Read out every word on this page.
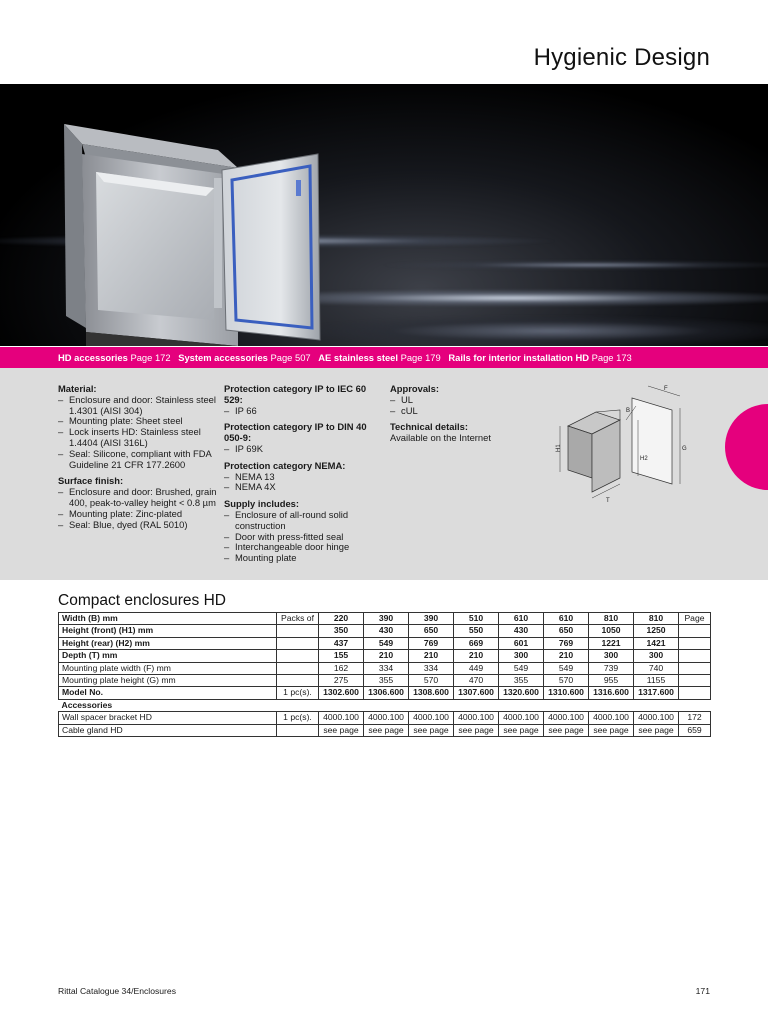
Hygienic Design
HD accessories Page 172 System accessories Page 507 AE stainless steel Page 179 Rails for interior installation HD Page 173
Material:
– Enclosure and door: Stainless steel 1.4301 (AISI 304)
– Mounting plate: Sheet steel
– Lock inserts HD: Stainless steel 1.4404 (AISI 316L)
– Seal: Silicone, compliant with FDA Guideline 21 CFR 177.2600
Surface finish:
– Enclosure and door: Brushed, grain 400, peak-to-valley height < 0.8 µm
– Mounting plate: Zinc-plated
– Seal: Blue, dyed (RAL 5010)
Protection category IP to IEC 60 529:
– IP 66
Protection category IP to DIN 40 050-9:
– IP 69K
Protection category NEMA:
– NEMA 13
– NEMA 4X
Supply includes:
– Enclosure of all-round solid construction
– Door with press-fitted seal
– Interchangeable door hinge
– Mounting plate
Approvals:
– UL
– cUL
Technical details:

Available on the Internet

H1
F
G
H2
B
T
Compact enclosures HD
Width (B) mm	Packs of	220	390	390	510	610	610	810	810	Page
Height (front) (H1) mm		350	430	650	550	430	650	1050	1250	
Height (rear) (H2) mm		437	549	769	669	601	769	1221	1421	
Depth (T) mm		155	210	210	210	300	210	300	300	
Mounting plate width (F) mm		162	334	334	449	549	549	739	740	
Mounting plate height (G) mm		275	355	570	470	355	570	955	1155	
Model No.	1 pc(s).	1302.600	1306.600	1308.600	1307.600	1320.600	1310.600	1316.600	1317.600	
Accessories										
Wall spacer bracket HD	1 pc(s).	4000.100	4000.100	4000.100	4000.100	4000.100	4000.100	4000.100	4000.100	172
Cable gland HD		see page	see page	see page	see page	see page	see page	see page	see page	659
Rittal Catalogue 34/Enclosures	171
